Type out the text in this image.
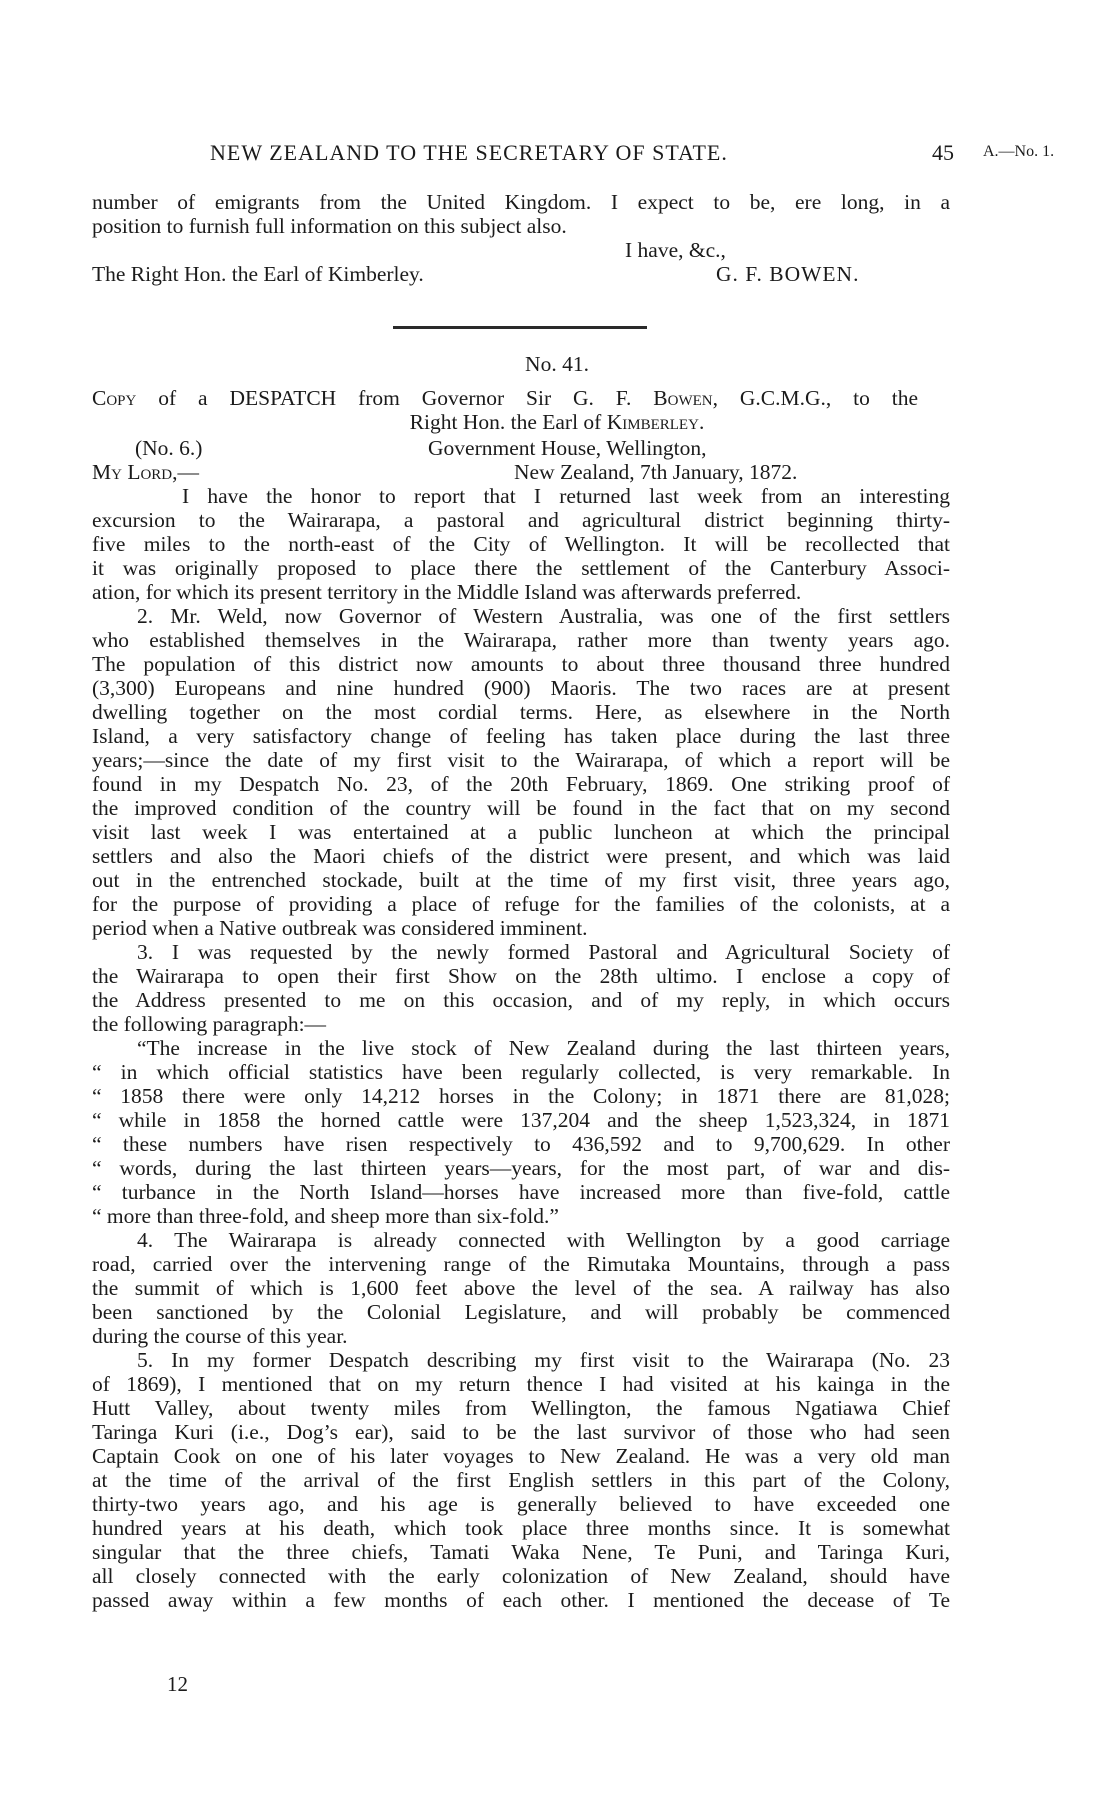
NEW ZEALAND TO THE SECRETARY OF STATE.	45 A.—No. 1.
number of emigrants from the United Kingdom. I expect to be, ere long, in a
position to furnish full information on this subject also.
I have, &c.,
The Right Hon. the Earl of Kimberley.	G. F. BOWEN.
No. 41.
Copy of a DESPATCH from Governor Sir G. F. Bowen, G.C.M.G., to the
Right Hon. the Earl of Kimberley.
(No. 6.)	Government House, Wellington,
My Lord,—	New Zealand, 7th January, 1872.
I have the honor to report that I returned last week from an interesting
excursion to the Wairarapa, a pastoral and agricultural district beginning thirty-
five miles to the north-east of the City of Wellington. It will be recollected that
it was originally proposed to place there the settlement of the Canterbury Associ-
ation, for which its present territory in the Middle Island was afterwards preferred.
2. Mr. Weld, now Governor of Western Australia, was one of the first settlers
who established themselves in the Wairarapa, rather more than twenty years ago.
The population of this district now amounts to about three thousand three hundred
(3,300) Europeans and nine hundred (900) Maoris. The two races are at present
dwelling together on the most cordial terms. Here, as elsewhere in the North
Island, a very satisfactory change of feeling has taken place during the last three
years;—since the date of my first visit to the Wairarapa, of which a report will be
found in my Despatch No. 23, of the 20th February, 1869. One striking proof of
the improved condition of the country will be found in the fact that on my second
visit last week I was entertained at a public luncheon at which the principal
settlers and also the Maori chiefs of the district were present, and which was laid
out in the entrenched stockade, built at the time of my first visit, three years ago,
for the purpose of providing a place of refuge for the families of the colonists, at a
period when a Native outbreak was considered imminent.
3. I was requested by the newly formed Pastoral and Agricultural Society of
the Wairarapa to open their first Show on the 28th ultimo. I enclose a copy of
the Address presented to me on this occasion, and of my reply, in which occurs
the following paragraph:—
“The increase in the live stock of New Zealand during the last thirteen years,
“ in which official statistics have been regularly collected, is very remarkable. In
“ 1858 there were only 14,212 horses in the Colony; in 1871 there are 81,028;
“ while in 1858 the horned cattle were 137,204 and the sheep 1,523,324, in 1871
“ these numbers have risen respectively to 436,592 and to 9,700,629. In other
“ words, during the last thirteen years—years, for the most part, of war and dis-
“ turbance in the North Island—horses have increased more than five-fold, cattle
“ more than three-fold, and sheep more than six-fold.”
4. The Wairarapa is already connected with Wellington by a good carriage
road, carried over the intervening range of the Rimutaka Mountains, through a pass
the summit of which is 1,600 feet above the level of the sea. A railway has also
been sanctioned by the Colonial Legislature, and will probably be commenced
during the course of this year.
5. In my former Despatch describing my first visit to the Wairarapa (No. 23
of 1869), I mentioned that on my return thence I had visited at his kainga in the
Hutt Valley, about twenty miles from Wellington, the famous Ngatiawa Chief
Taringa Kuri (i.e., Dog’s ear), said to be the last survivor of those who had seen
Captain Cook on one of his later voyages to New Zealand. He was a very old man
at the time of the arrival of the first English settlers in this part of the Colony,
thirty-two years ago, and his age is generally believed to have exceeded one
hundred years at his death, which took place three months since. It is somewhat
singular that the three chiefs, Tamati Waka Nene, Te Puni, and Taringa Kuri,
all closely connected with the early colonization of New Zealand, should have
passed away within a few months of each other. I mentioned the decease of Te
12
